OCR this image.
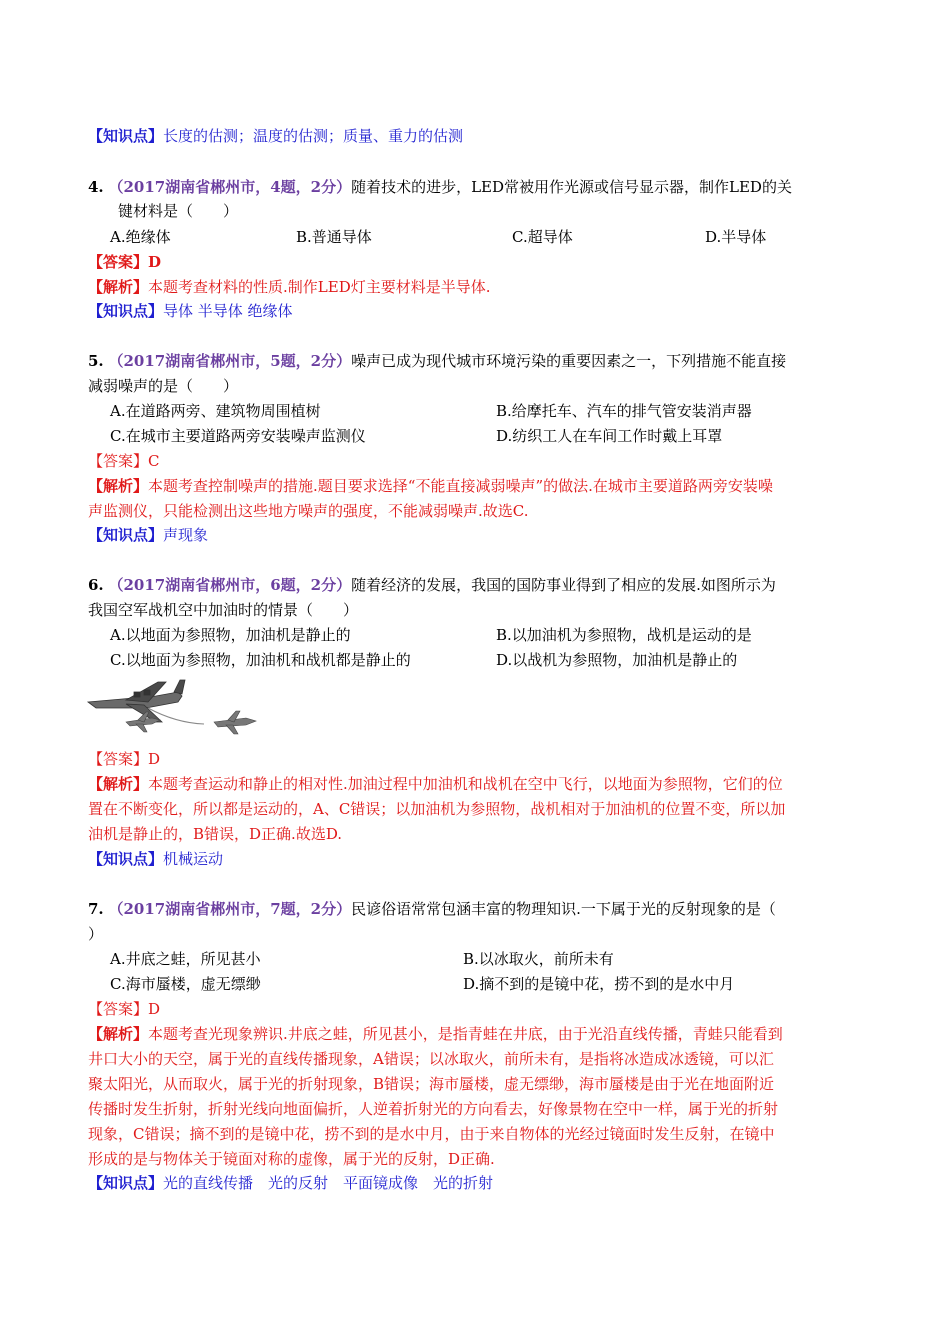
【知识点】长度的估测；温度的估测；质量、重力的估测
4. （2017湖南省郴州市，4题，2分）随着技术的进步，LED常被用作光源或信号显示器，制作LED的关
键材料是（　　）
A.绝缘体	B.普通导体	C.超导体	D.半导体
【答案】D
【解析】本题考查材料的性质.制作LED灯主要材料是半导体.
【知识点】导体 半导体 绝缘体
5. （2017湖南省郴州市，5题，2分）噪声已成为现代城市环境污染的重要因素之一，下列措施不能直接
减弱噪声的是（　　）
A.在道路两旁、建筑物周围植树	B.给摩托车、汽车的排气管安装消声器
C.在城市主要道路两旁安装噪声监测仪	D.纺织工人在车间工作时戴上耳罩
【答案】C
【解析】本题考查控制噪声的措施.题目要求选择“不能直接减弱噪声”的做法.在城市主要道路两旁安装噪
声监测仪，只能检测出这些地方噪声的强度，不能减弱噪声.故选C.
【知识点】声现象
6. （2017湖南省郴州市，6题，2分）随着经济的发展，我国的国防事业得到了相应的发展.如图所示为
我国空军战机空中加油时的情景（　　）
A.以地面为参照物，加油机是静止的	B.以加油机为参照物，战机是运动的是
C.以地面为参照物，加油机和战机都是静止的	D.以战机为参照物，加油机是静止的
【答案】D
【解析】本题考查运动和静止的相对性.加油过程中加油机和战机在空中飞行，以地面为参照物，它们的位
置在不断变化，所以都是运动的，A、C错误；以加油机为参照物，战机相对于加油机的位置不变，所以加
油机是静止的，B错误，D正确.故选D.
【知识点】机械运动
7. （2017湖南省郴州市，7题，2分）民谚俗语常常包涵丰富的物理知识.一下属于光的反射现象的是（
）
A.井底之蛙，所见甚小	B.以冰取火，前所未有
C.海市蜃楼，虚无缥缈	D.摘不到的是镜中花，捞不到的是水中月
【答案】D
【解析】本题考查光现象辨识.井底之蛙，所见甚小，是指青蛙在井底，由于光沿直线传播，青蛙只能看到
井口大小的天空，属于光的直线传播现象，A错误；以冰取火，前所未有，是指将冰造成冰透镜，可以汇
聚太阳光，从而取火，属于光的折射现象，B错误；海市蜃楼，虚无缥缈，海市蜃楼是由于光在地面附近
传播时发生折射，折射光线向地面偏折，人逆着折射光的方向看去，好像景物在空中一样，属于光的折射
现象，C错误；摘不到的是镜中花，捞不到的是水中月，由于来自物体的光经过镜面时发生反射，在镜中
形成的是与物体关于镜面对称的虚像，属于光的反射，D正确.
【知识点】光的直线传播　光的反射　平面镜成像　光的折射
